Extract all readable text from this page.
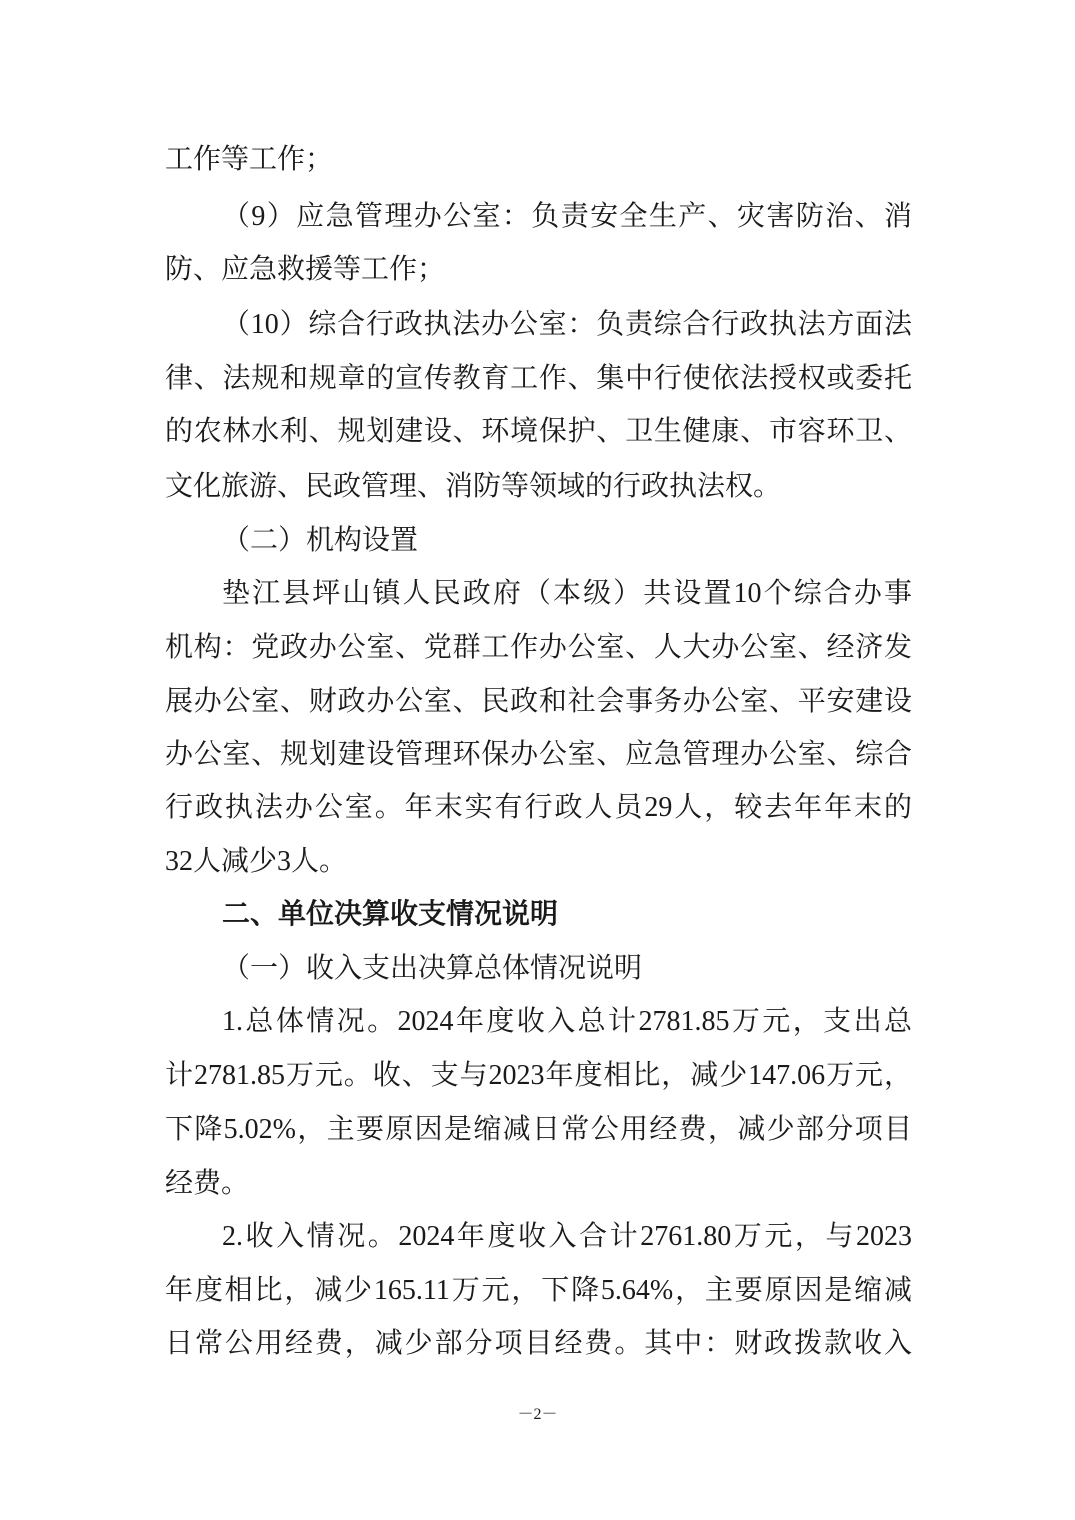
工作等工作；
（9）应急管理办公室：负责安全生产、灾害防治、消
防、应急救援等工作；
（10）综合行政执法办公室：负责综合行政执法方面法
律、法规和规章的宣传教育工作、集中行使依法授权或委托
的农林水利、规划建设、环境保护、卫生健康、市容环卫、
文化旅游、民政管理、消防等领域的行政执法权。
（二）机构设置
垫江县坪山镇人民政府（本级）共设置10个综合办事
机构：党政办公室、党群工作办公室、人大办公室、经济发
展办公室、财政办公室、民政和社会事务办公室、平安建设
办公室、规划建设管理环保办公室、应急管理办公室、综合
行政执法办公室。年末实有行政人员29人，较去年年末的
32人减少3人。
二、单位决算收支情况说明
（一）收入支出决算总体情况说明
1.总体情况。2024年度收入总计2781.85万元，支出总
计2781.85万元。收、支与2023年度相比，减少147.06万元，
下降5.02%，主要原因是缩减日常公用经费，减少部分项目
经费。
2.收入情况。2024年度收入合计2761.80万元，与2023
年度相比，减少165.11万元，下降5.64%，主要原因是缩减
日常公用经费，减少部分项目经费。其中：财政拨款收入
－2－
